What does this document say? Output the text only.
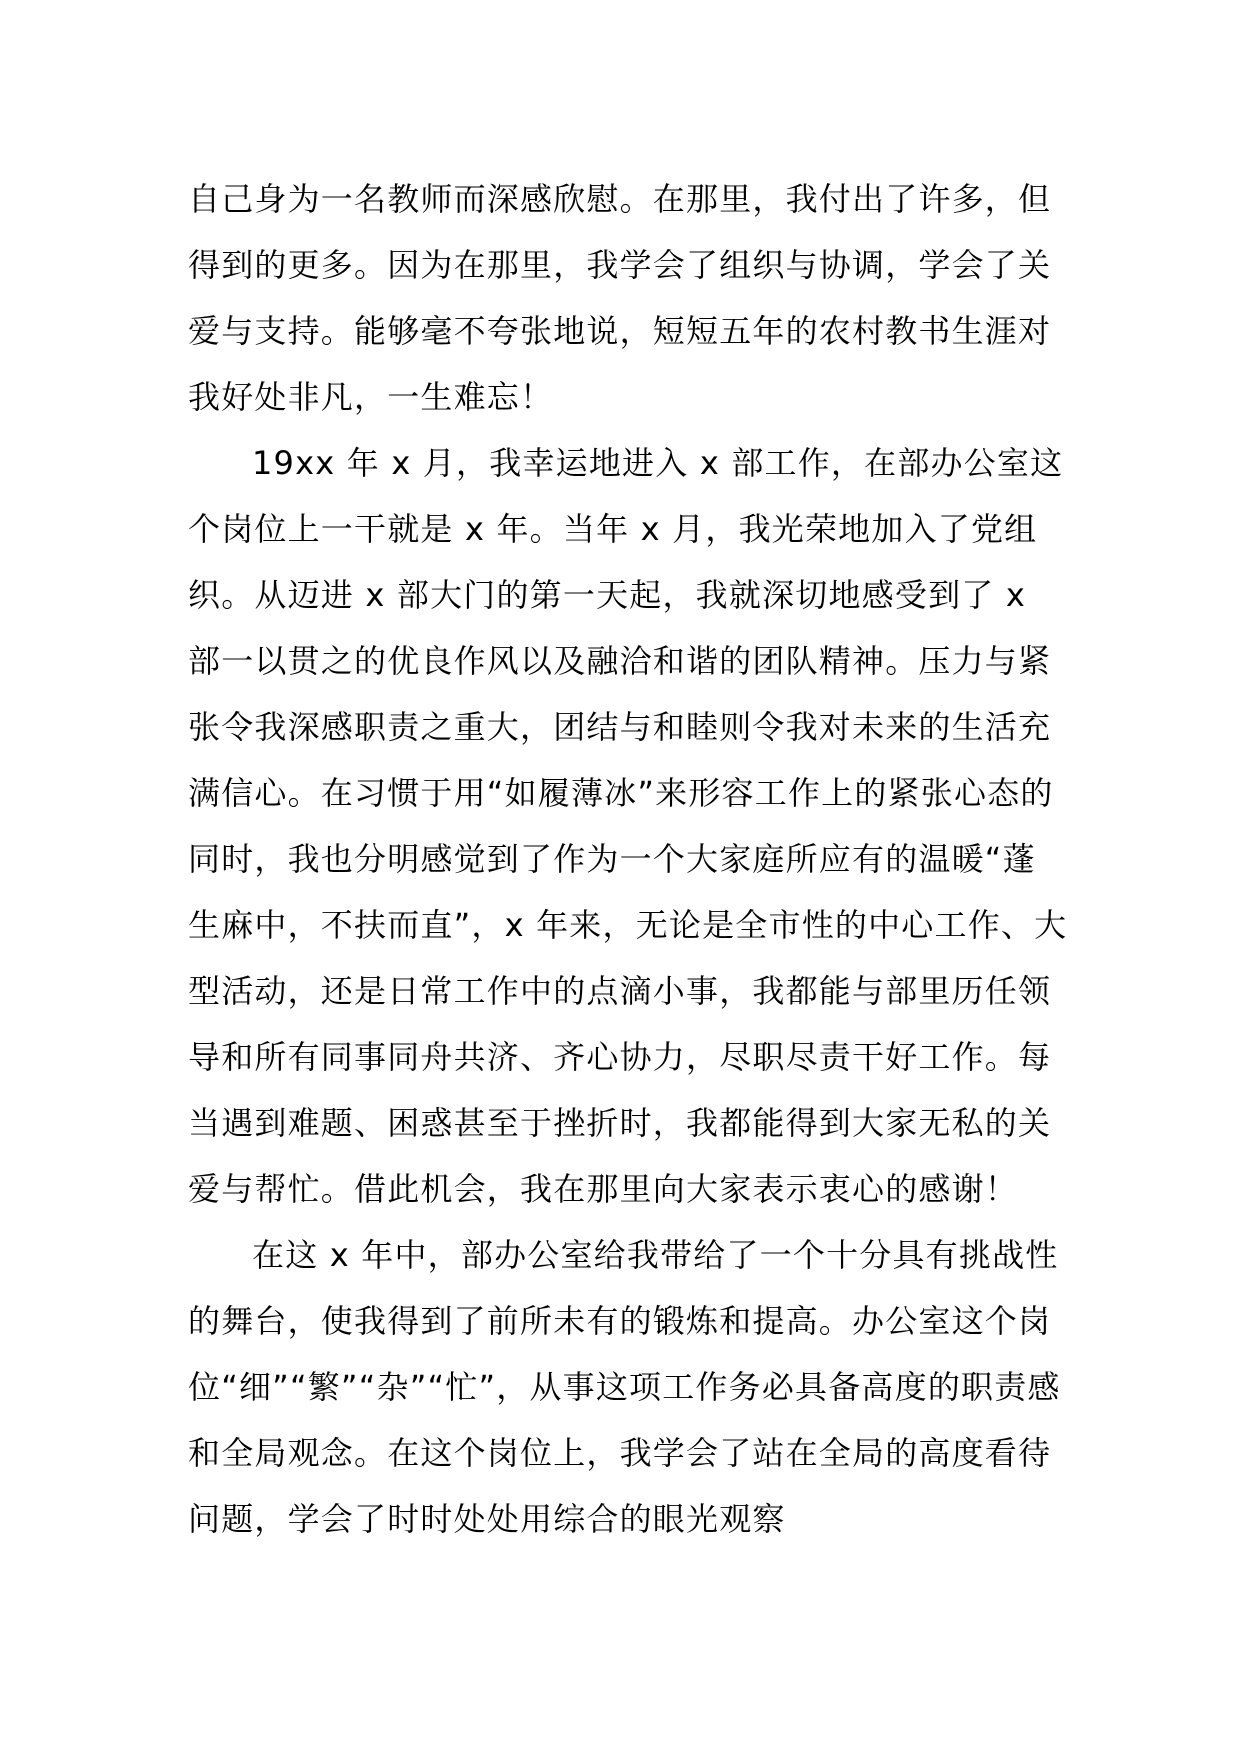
自己身为一名教师而深感欣慰。在那里，我付出了许多，但得到的更多。因为在那里，我学会了组织与协调，学会了关爱与支持。能够毫不夸张地说，短短五年的农村教书生涯对我好处非凡，一生难忘！

19xx 年 x 月，我幸运地进入 x 部工作，在部办公室这个岗位上一干就是 x 年。当年 x 月，我光荣地加入了党组织。从迈进 x 部大门的第一天起，我就深切地感受到了 x 部一以贯之的优良作风以及融洽和谐的团队精神。压力与紧张令我深感职责之重大，团结与和睦则令我对未来的生活充满信心。在习惯于用“如履薄冰”来形容工作上的紧张心态的同时，我也分明感觉到了作为一个大家庭所应有的温暖“蓬生麻中，不扶而直”，x 年来，无论是全市性的中心工作、大型活动，还是日常工作中的点滴小事，我都能与部里历任领导和所有同事同舟共济、齐心协力，尽职尽责干好工作。每当遇到难题、困惑甚至于挫折时，我都能得到大家无私的关爱与帮忙。借此机会，我在那里向大家表示衷心的感谢！

在这 x 年中，部办公室给我带给了一个十分具有挑战性的舞台，使我得到了前所未有的锻炼和提高。办公室这个岗位“细”“繁”“杂”“忙”，从事这项工作务必具备高度的职责感和全局观念。在这个岗位上，我学会了站在全局的高度看待问题，学会了时时处处用综合的眼光观察
